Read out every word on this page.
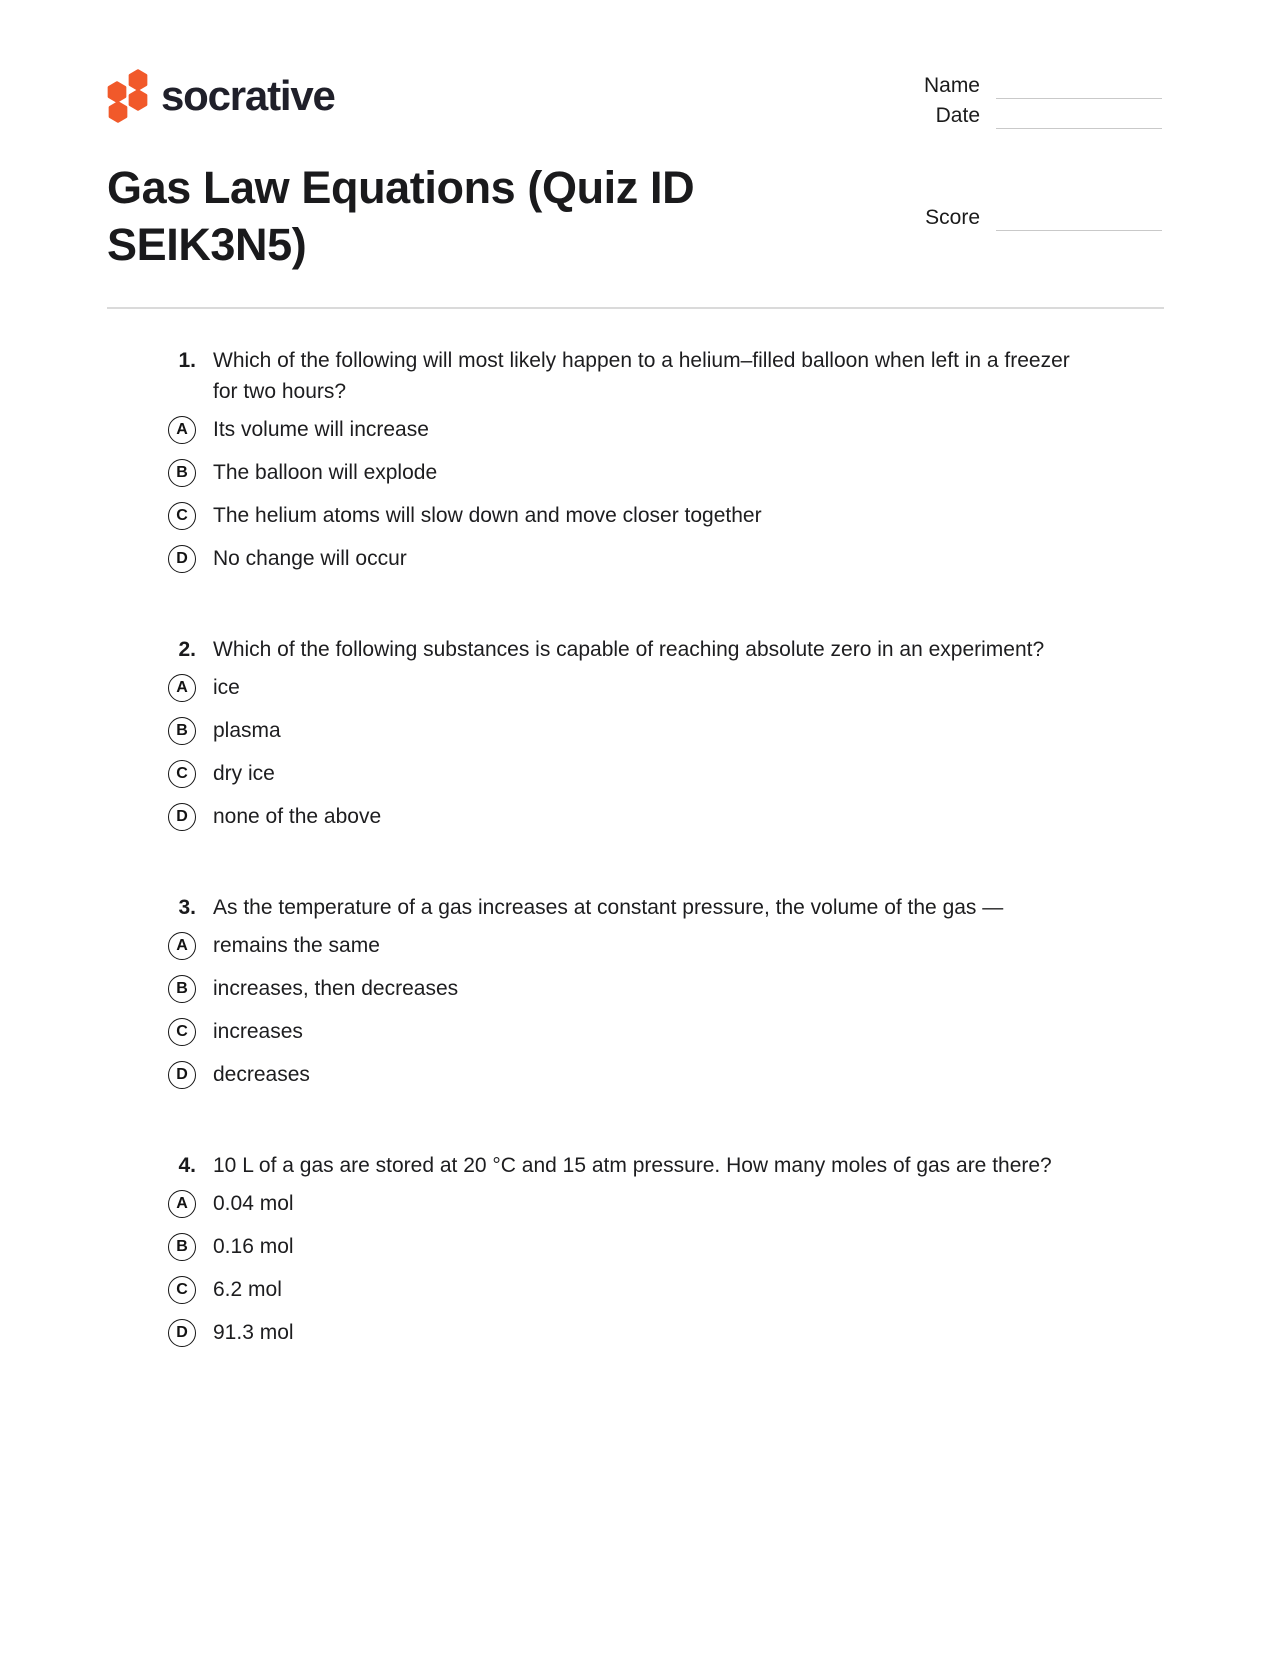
socrative	Name
Date
Score
Gas Law Equations (Quiz ID
SEIK3N5)
1. Which of the following will most likely happen to a helium–filled balloon when left in a freezer for two hours?
A	Its volume will increase
B	The balloon will explode
C	The helium atoms will slow down and move closer together
D	No change will occur
2. Which of the following substances is capable of reaching absolute zero in an experiment?
A	ice
B	plasma
C	dry ice
D	none of the above
3. As the temperature of a gas increases at constant pressure, the volume of the gas —
A	remains the same
B	increases, then decreases
C	increases
D	decreases
4. 10 L of a gas are stored at 20 °C and 15 atm pressure. How many moles of gas are there?
A	0.04 mol
B	0.16 mol
C	6.2 mol
D	91.3 mol
